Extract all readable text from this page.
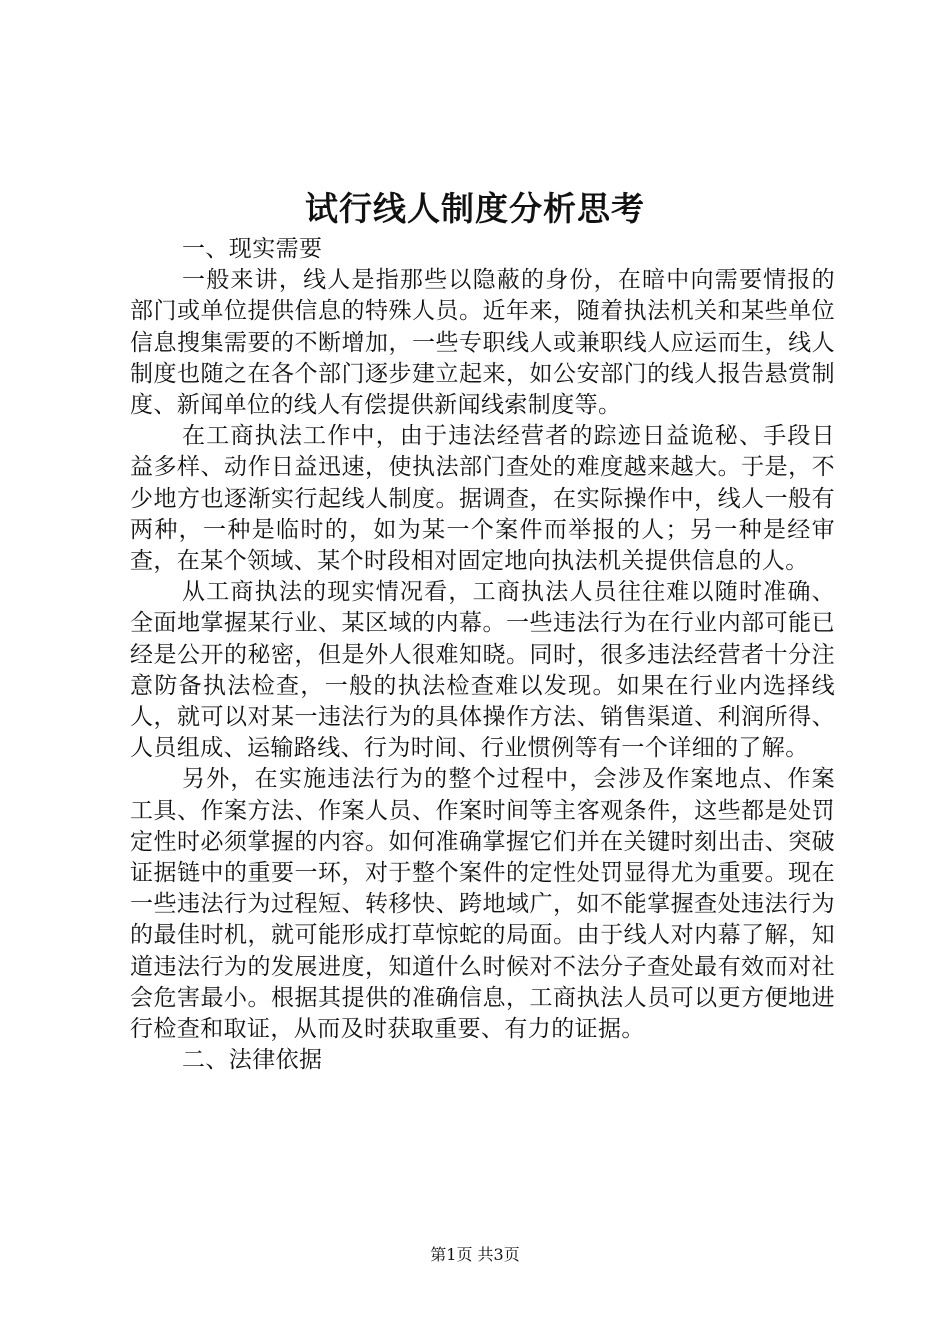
试行线人制度分析思考

一、现实需要

一般来讲，线人是指那些以隐蔽的身份，在暗中向需要情报的部门或单位提供信息的特殊人员。近年来，随着执法机关和某些单位信息搜集需要的不断增加，一些专职线人或兼职线人应运而生，线人制度也随之在各个部门逐步建立起来，如公安部门的线人报告悬赏制度、新闻单位的线人有偿提供新闻线索制度等。

在工商执法工作中，由于违法经营者的踪迹日益诡秘、手段日益多样、动作日益迅速，使执法部门查处的难度越来越大。于是，不少地方也逐渐实行起线人制度。据调查，在实际操作中，线人一般有两种，一种是临时的，如为某一个案件而举报的人；另一种是经审查，在某个领域、某个时段相对固定地向执法机关提供信息的人。

从工商执法的现实情况看，工商执法人员往往难以随时准确、全面地掌握某行业、某区域的内幕。一些违法行为在行业内部可能已经是公开的秘密，但是外人很难知晓。同时，很多违法经营者十分注意防备执法检查，一般的执法检查难以发现。如果在行业内选择线人，就可以对某一违法行为的具体操作方法、销售渠道、利润所得、人员组成、运输路线、行为时间、行业惯例等有一个详细的了解。

另外，在实施违法行为的整个过程中，会涉及作案地点、作案工具、作案方法、作案人员、作案时间等主客观条件，这些都是处罚定性时必须掌握的内容。如何准确掌握它们并在关键时刻出击、突破证据链中的重要一环，对于整个案件的定性处罚显得尤为重要。现在一些违法行为过程短、转移快、跨地域广，如不能掌握查处违法行为的最佳时机，就可能形成打草惊蛇的局面。由于线人对内幕了解，知道违法行为的发展进度，知道什么时候对不法分子查处最有效而对社会危害最小。根据其提供的准确信息，工商执法人员可以更方便地进行检查和取证，从而及时获取重要、有力的证据。

二、法律依据

第1页 共3页
